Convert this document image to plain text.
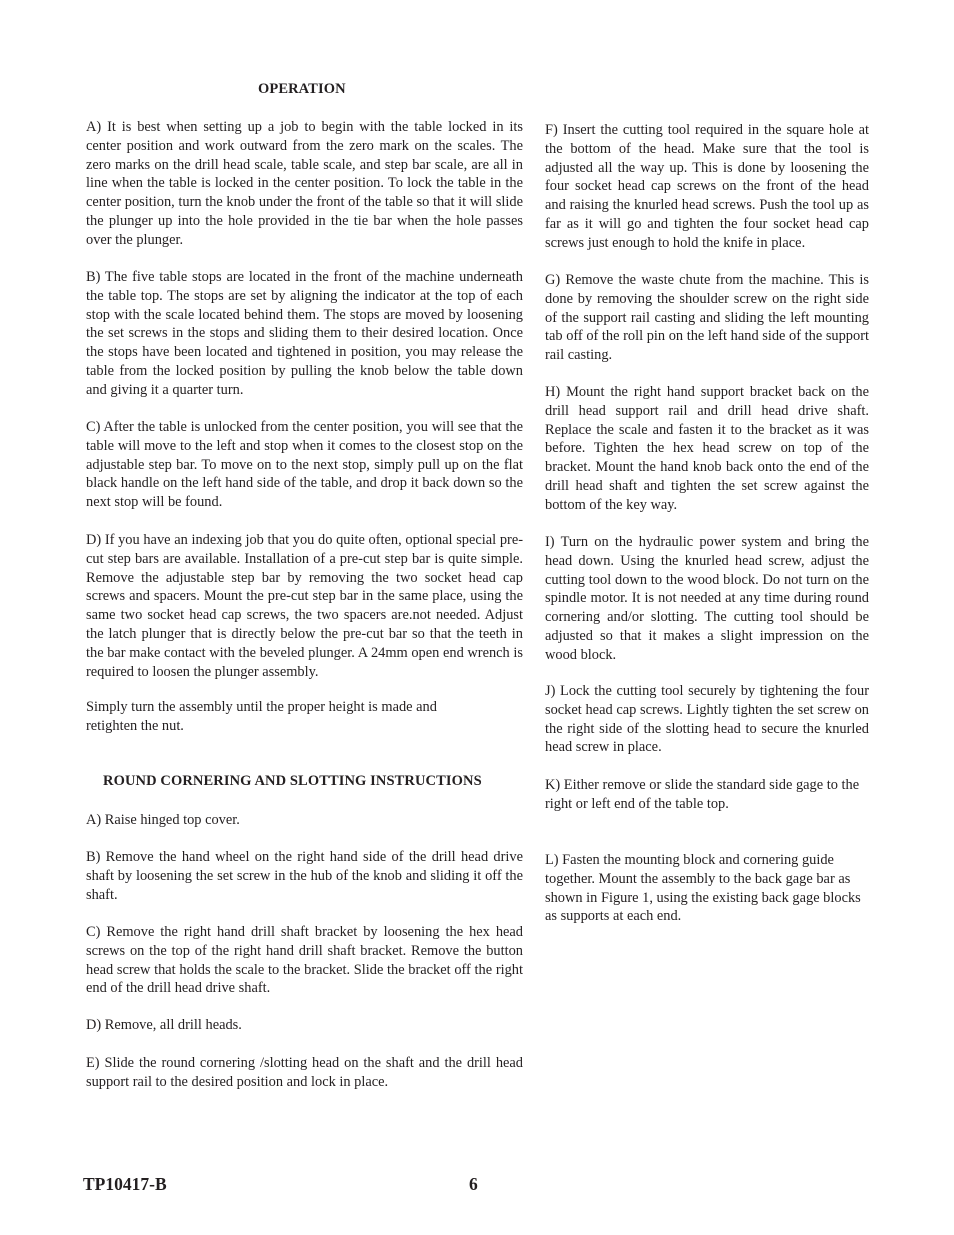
OPERATION

A) It is best when setting up a job to begin with the table locked in its center position and work outward from the zero mark on the scales. The zero marks on the drill head scale, table scale, and step bar scale, are all in line when the table is locked in the center position. To lock the table in the center position, turn the knob under the front of the table so that it will slide the plunger up into the hole provided in the tie bar when the hole passes over the plunger.

B) The five table stops are located in the front of the machine underneath the table top. The stops are set by aligning the indicator at the top of each stop with the scale located behind them. The stops are moved by loosening the set screws in the stops and sliding them to their desired location. Once the stops have been located and tightened in position, you may release the table from the locked position by pulling the knob below the table down and giving it a quarter turn.

C) After the table is unlocked from the center position, you will see that the table will move to the left and stop when it comes to the closest stop on the adjustable step bar. To move on to the next stop, simply pull up on the flat black handle on the left hand side of the table, and drop it back down so the next stop will be found.

D) If you have an indexing job that you do quite often, optional special pre-cut step bars are available. Installation of a pre-cut step bar is quite simple. Remove the adjustable step bar by removing the two socket head cap screws and spacers. Mount the pre-cut step bar in the same place, using the same two socket head cap screws, the two spacers are.not needed. Adjust the latch plunger that is directly below the pre-cut bar so that the teeth in the bar make contact with the beveled plunger. A 24mm open end wrench is required to loosen the plunger assembly.

Simply turn the assembly until the proper height is made and retighten the nut.

ROUND CORNERING AND SLOTTING INSTRUCTIONS

A) Raise hinged top cover.

B) Remove the hand wheel on the right hand side of the drill head drive shaft by loosening the set screw in the hub of the knob and sliding it off the shaft.

C) Remove the right hand drill shaft bracket by loosening the hex head screws on the top of the right hand drill shaft bracket. Remove the button head screw that holds the scale to the bracket. Slide the bracket off the right end of the drill head drive shaft.

D) Remove, all drill heads.

E) Slide the round cornering /slotting head on the shaft and the drill head support rail to the desired position and lock in place.

F) Insert the cutting tool required in the square hole at the bottom of the head. Make sure that the tool is adjusted all the way up. This is done by loosening the four socket head cap screws on the front of the head and raising the knurled head screws. Push the tool up as far as it will go and tighten the four socket head cap screws just enough to hold the knife in place.

G) Remove the waste chute from the machine. This is done by removing the shoulder screw on the right side of the support rail casting and sliding the left mounting tab off of the roll pin on the left hand side of the support rail casting.

H) Mount the right hand support bracket back on the drill head support rail and drill head drive shaft. Replace the scale and fasten it to the bracket as it was before. Tighten the hex head screw on top of the bracket. Mount the hand knob back onto the end of the drill head shaft and tighten the set screw against the bottom of the key way.

I) Turn on the hydraulic power system and bring the head down. Using the knurled head screw, adjust the cutting tool down to the wood block. Do not turn on the spindle motor. It is not needed at any time during round cornering and/or slotting. The cutting tool should be adjusted so that it makes a slight impression on the wood block.

J) Lock the cutting tool securely by tightening the four socket head cap screws. Lightly tighten the set screw on the right side of the slotting head to secure the knurled head screw in place.

K) Either remove or slide the standard side gage to the right or left end of the table top.

L) Fasten the mounting block and cornering guide together. Mount the assembly to the back gage bar as shown in Figure 1, using the existing back gage blocks as supports at each end.

TP10417-B	6
